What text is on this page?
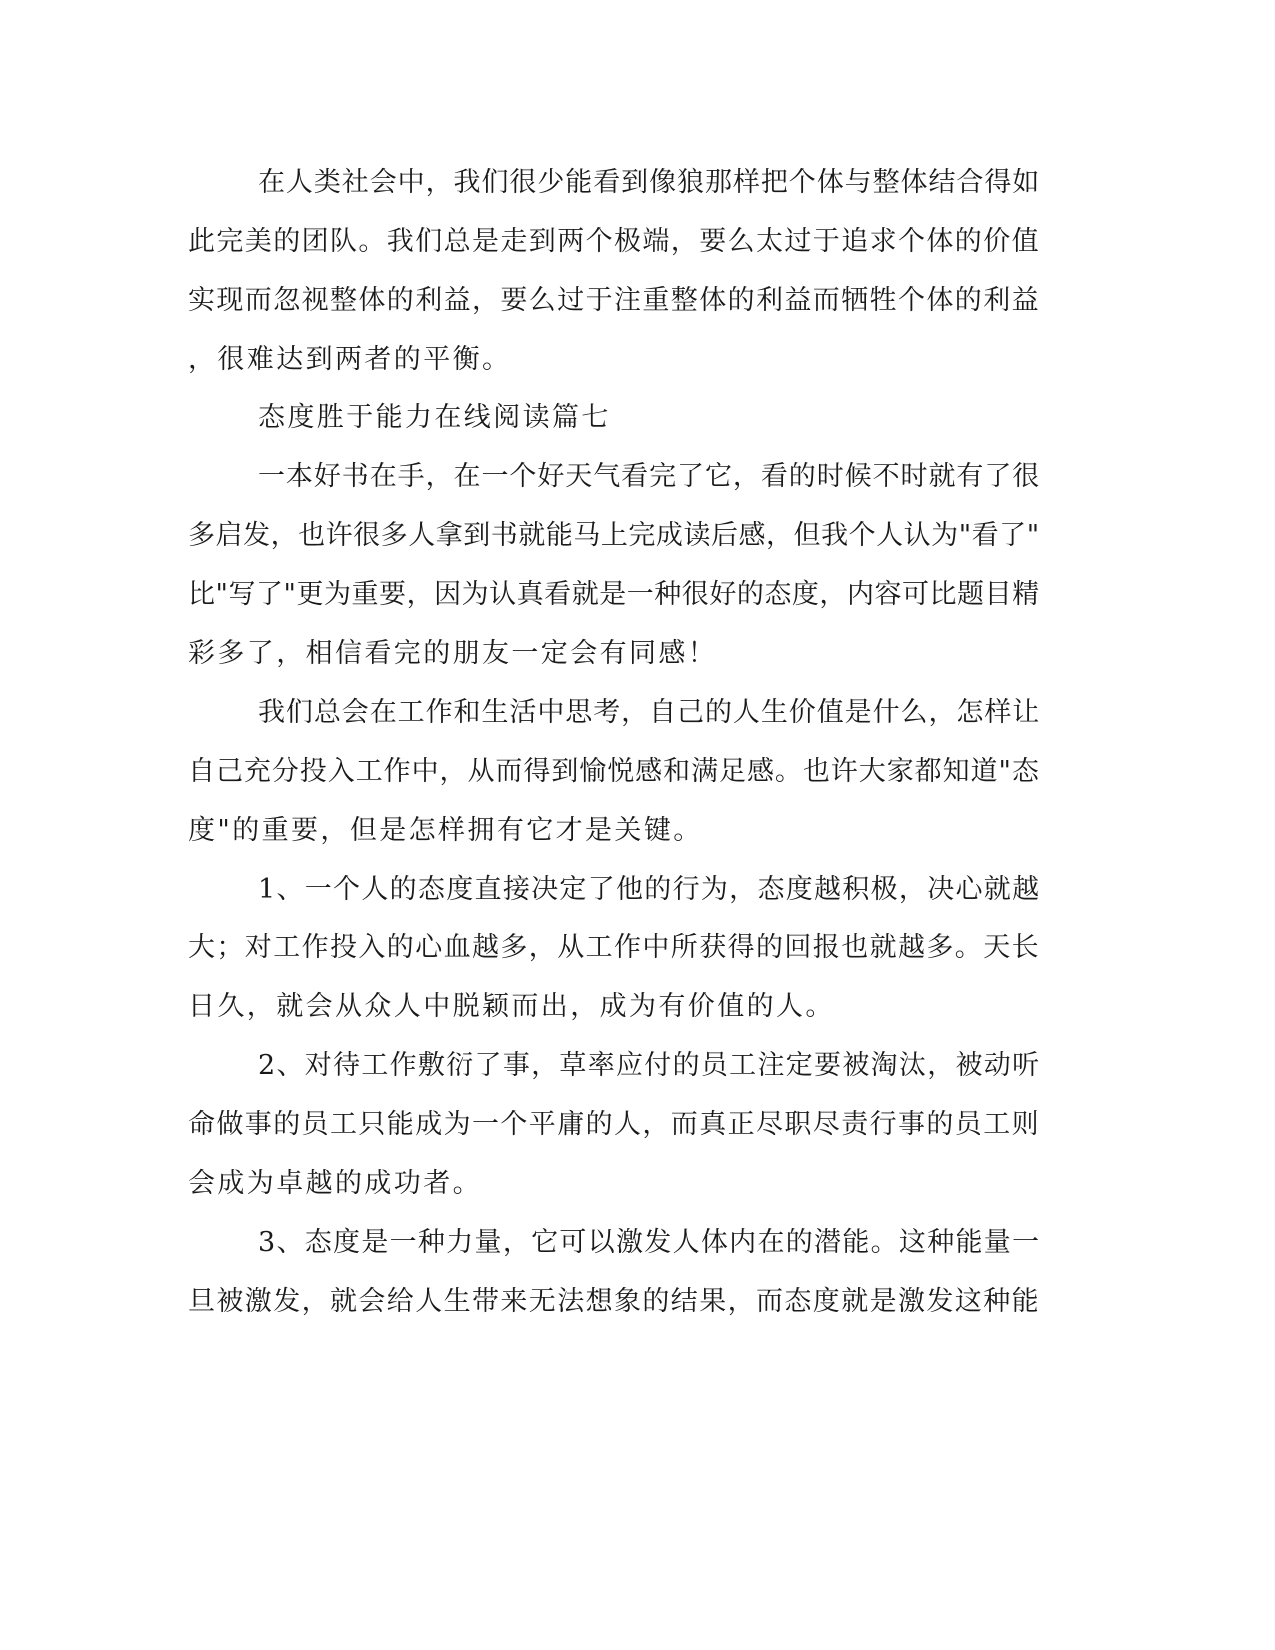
在人类社会中，我们很少能看到像狼那样把个体与整体结合得如
此完美的团队。我们总是走到两个极端，要么太过于追求个体的价值
实现而忽视整体的利益，要么过于注重整体的利益而牺牲个体的利益
，很难达到两者的平衡。
态度胜于能力在线阅读篇七
一本好书在手，在一个好天气看完了它，看的时候不时就有了很
多启发，也许很多人拿到书就能马上完成读后感，但我个人认为"看了"
比"写了"更为重要，因为认真看就是一种很好的态度，内容可比题目精
彩多了，相信看完的朋友一定会有同感！
我们总会在工作和生活中思考，自己的人生价值是什么，怎样让
自己充分投入工作中，从而得到愉悦感和满足感。也许大家都知道"态
度"的重要，但是怎样拥有它才是关键。
1、一个人的态度直接决定了他的行为，态度越积极，决心就越
大；对工作投入的心血越多，从工作中所获得的回报也就越多。天长
日久，就会从众人中脱颖而出，成为有价值的人。
2、对待工作敷衍了事，草率应付的员工注定要被淘汰，被动听
命做事的员工只能成为一个平庸的人，而真正尽职尽责行事的员工则
会成为卓越的成功者。
3、态度是一种力量，它可以激发人体内在的潜能。这种能量一
旦被激发，就会给人生带来无法想象的结果，而态度就是激发这种能
